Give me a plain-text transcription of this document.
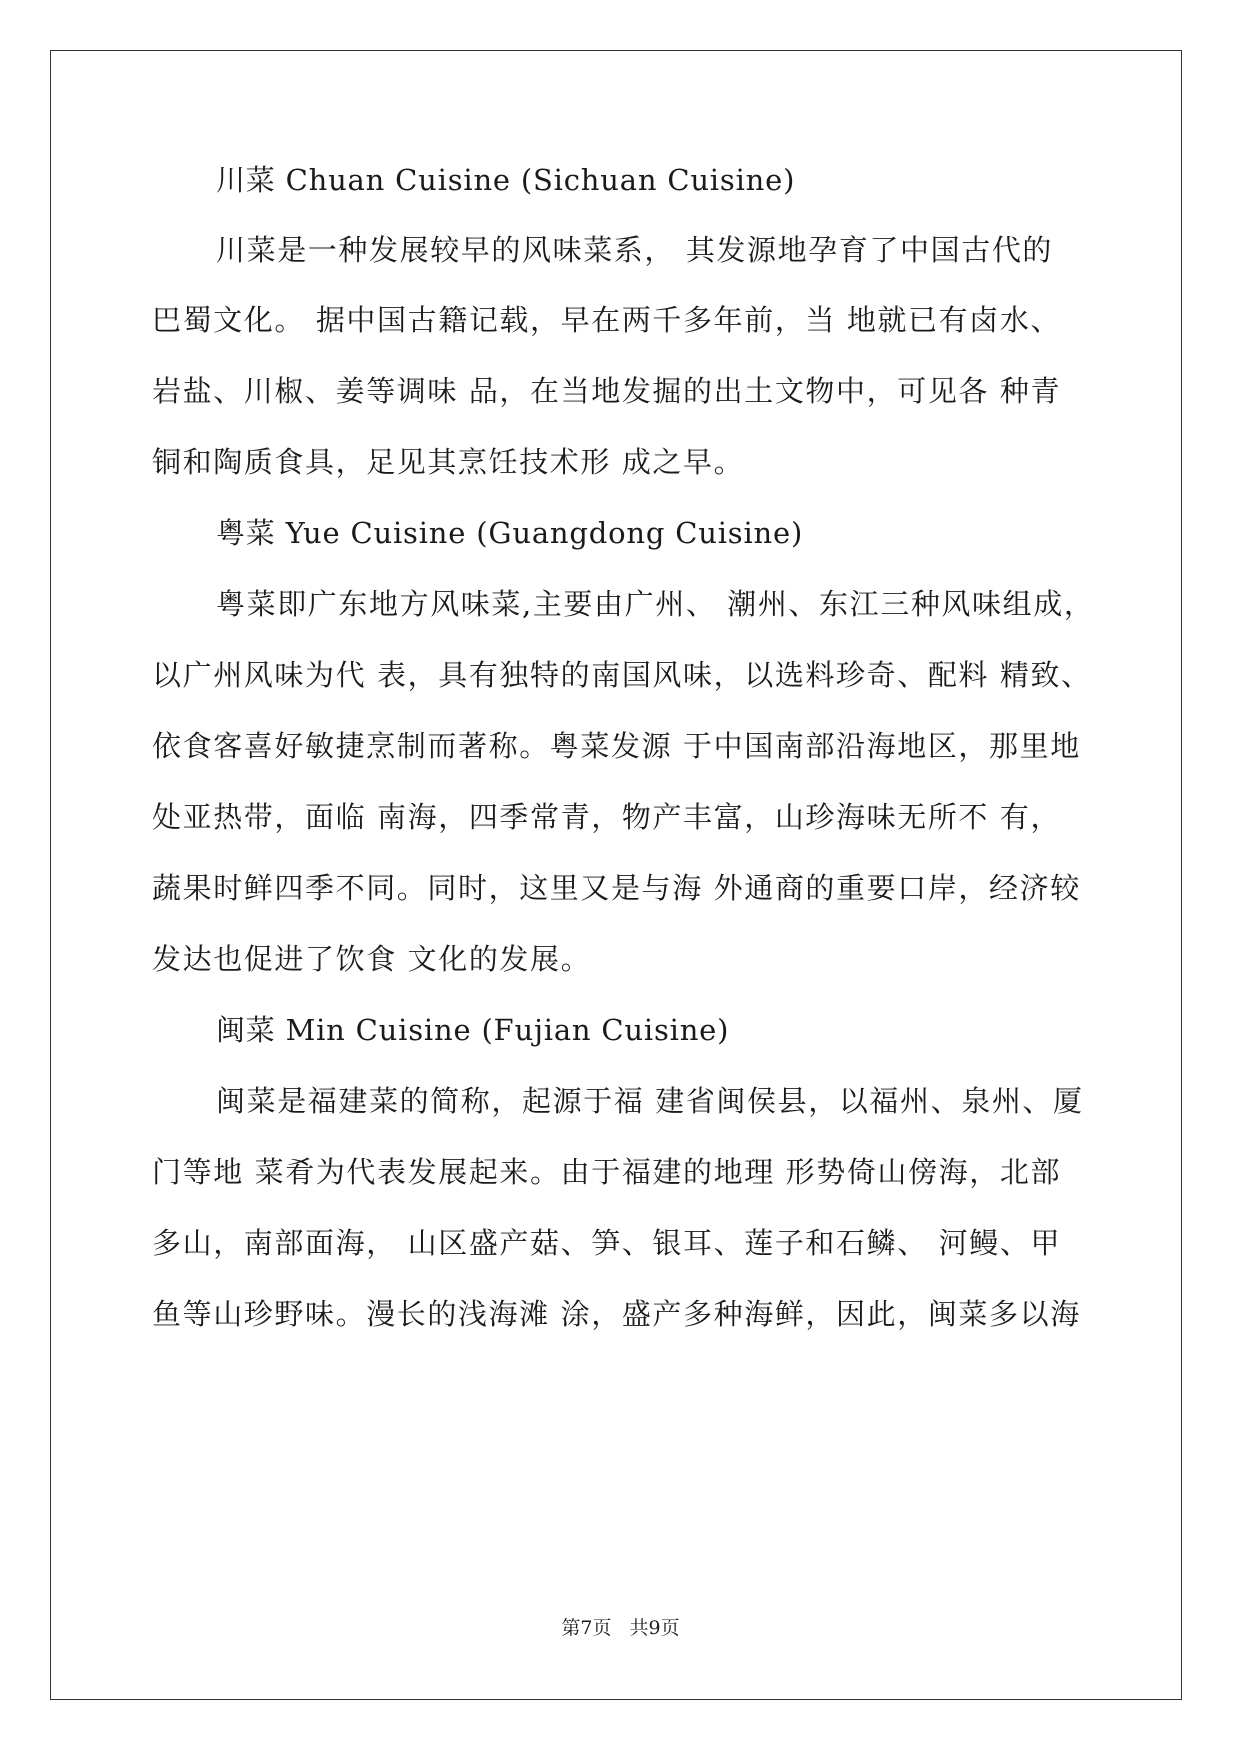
川菜 Chuan Cuisine (Sichuan Cuisine)
川菜是一种发展较早的风味菜系， 其发源地孕育了中国古代的
巴蜀文化。 据中国古籍记载，早在两千多年前，当 地就已有卤水、
岩盐、川椒、姜等调味 品，在当地发掘的出土文物中，可见各 种青
铜和陶质食具，足见其烹饪技术形 成之早。
粤菜 Yue Cuisine (Guangdong Cuisine)
粤菜即广东地方风味菜,主要由广州、 潮州、东江三种风味组成，
以广州风味为代 表，具有独特的南国风味，以选料珍奇、配料 精致、
依食客喜好敏捷烹制而著称。粤菜发源 于中国南部沿海地区，那里地
处亚热带，面临 南海，四季常青，物产丰富，山珍海味无所不 有，
蔬果时鲜四季不同。同时，这里又是与海 外通商的重要口岸，经济较
发达也促进了饮食 文化的发展。
闽菜 Min Cuisine (Fujian Cuisine)
闽菜是福建菜的简称，起源于福 建省闽侯县，以福州、泉州、厦
门等地 菜肴为代表发展起来。由于福建的地理 形势倚山傍海，北部
多山，南部面海， 山区盛产菇、笋、银耳、莲子和石鳞、 河鳗、甲
鱼等山珍野味。漫长的浅海滩 涂，盛产多种海鲜，因此，闽菜多以海
第7页 共9页
